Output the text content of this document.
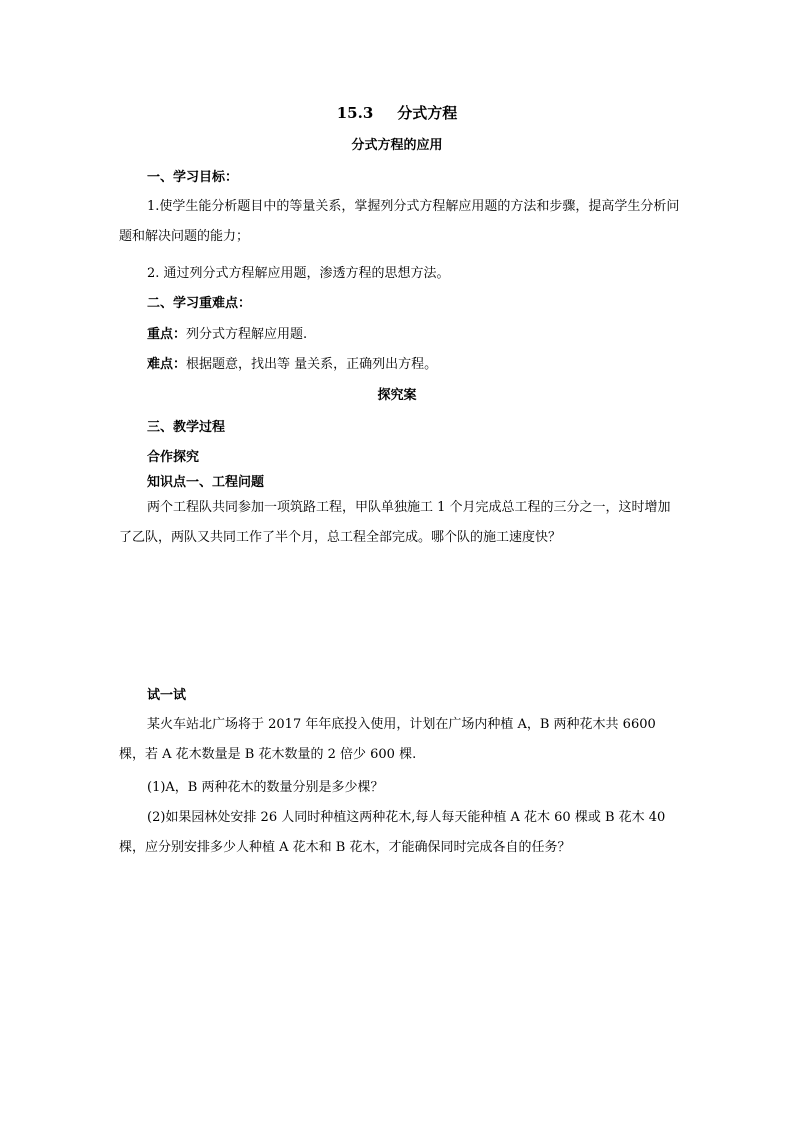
15.3 分式方程
分式方程的应用
一、学习目标：
1.使学生能分析题目中的等量关系，掌握列分式方程解应用题的方法和步骤，提高学生分析问题和解决问题的能力；
2. 通过列分式方程解应用题，渗透方程的思想方法。
二、学习重难点：
重点：列分式方程解应用题.
难点：根据题意，找出等 量关系，正确列出方程。
探究案
三、教学过程
合作探究
知识点一、工程问题
两个工程队共同参加一项筑路工程，甲队单独施工 1 个月完成总工程的三分之一，这时增加了乙队，两队又共同工作了半个月，总工程全部完成。哪个队的施工速度快？
试一试
某火车站北广场将于 2017 年年底投入使用，计划在广场内种植 A，B 两种花木共 6600 棵，若 A 花木数量是 B 花木数量的 2 倍少 600 棵.
(1)A，B 两种花木的数量分别是多少棵？
(2)如果园林处安排 26 人同时种植这两种花木,每人每天能种植 A 花木 60 棵或 B 花木 40 棵，应分别安排多少人种植 A 花木和 B 花木，才能确保同时完成各自的任务？
